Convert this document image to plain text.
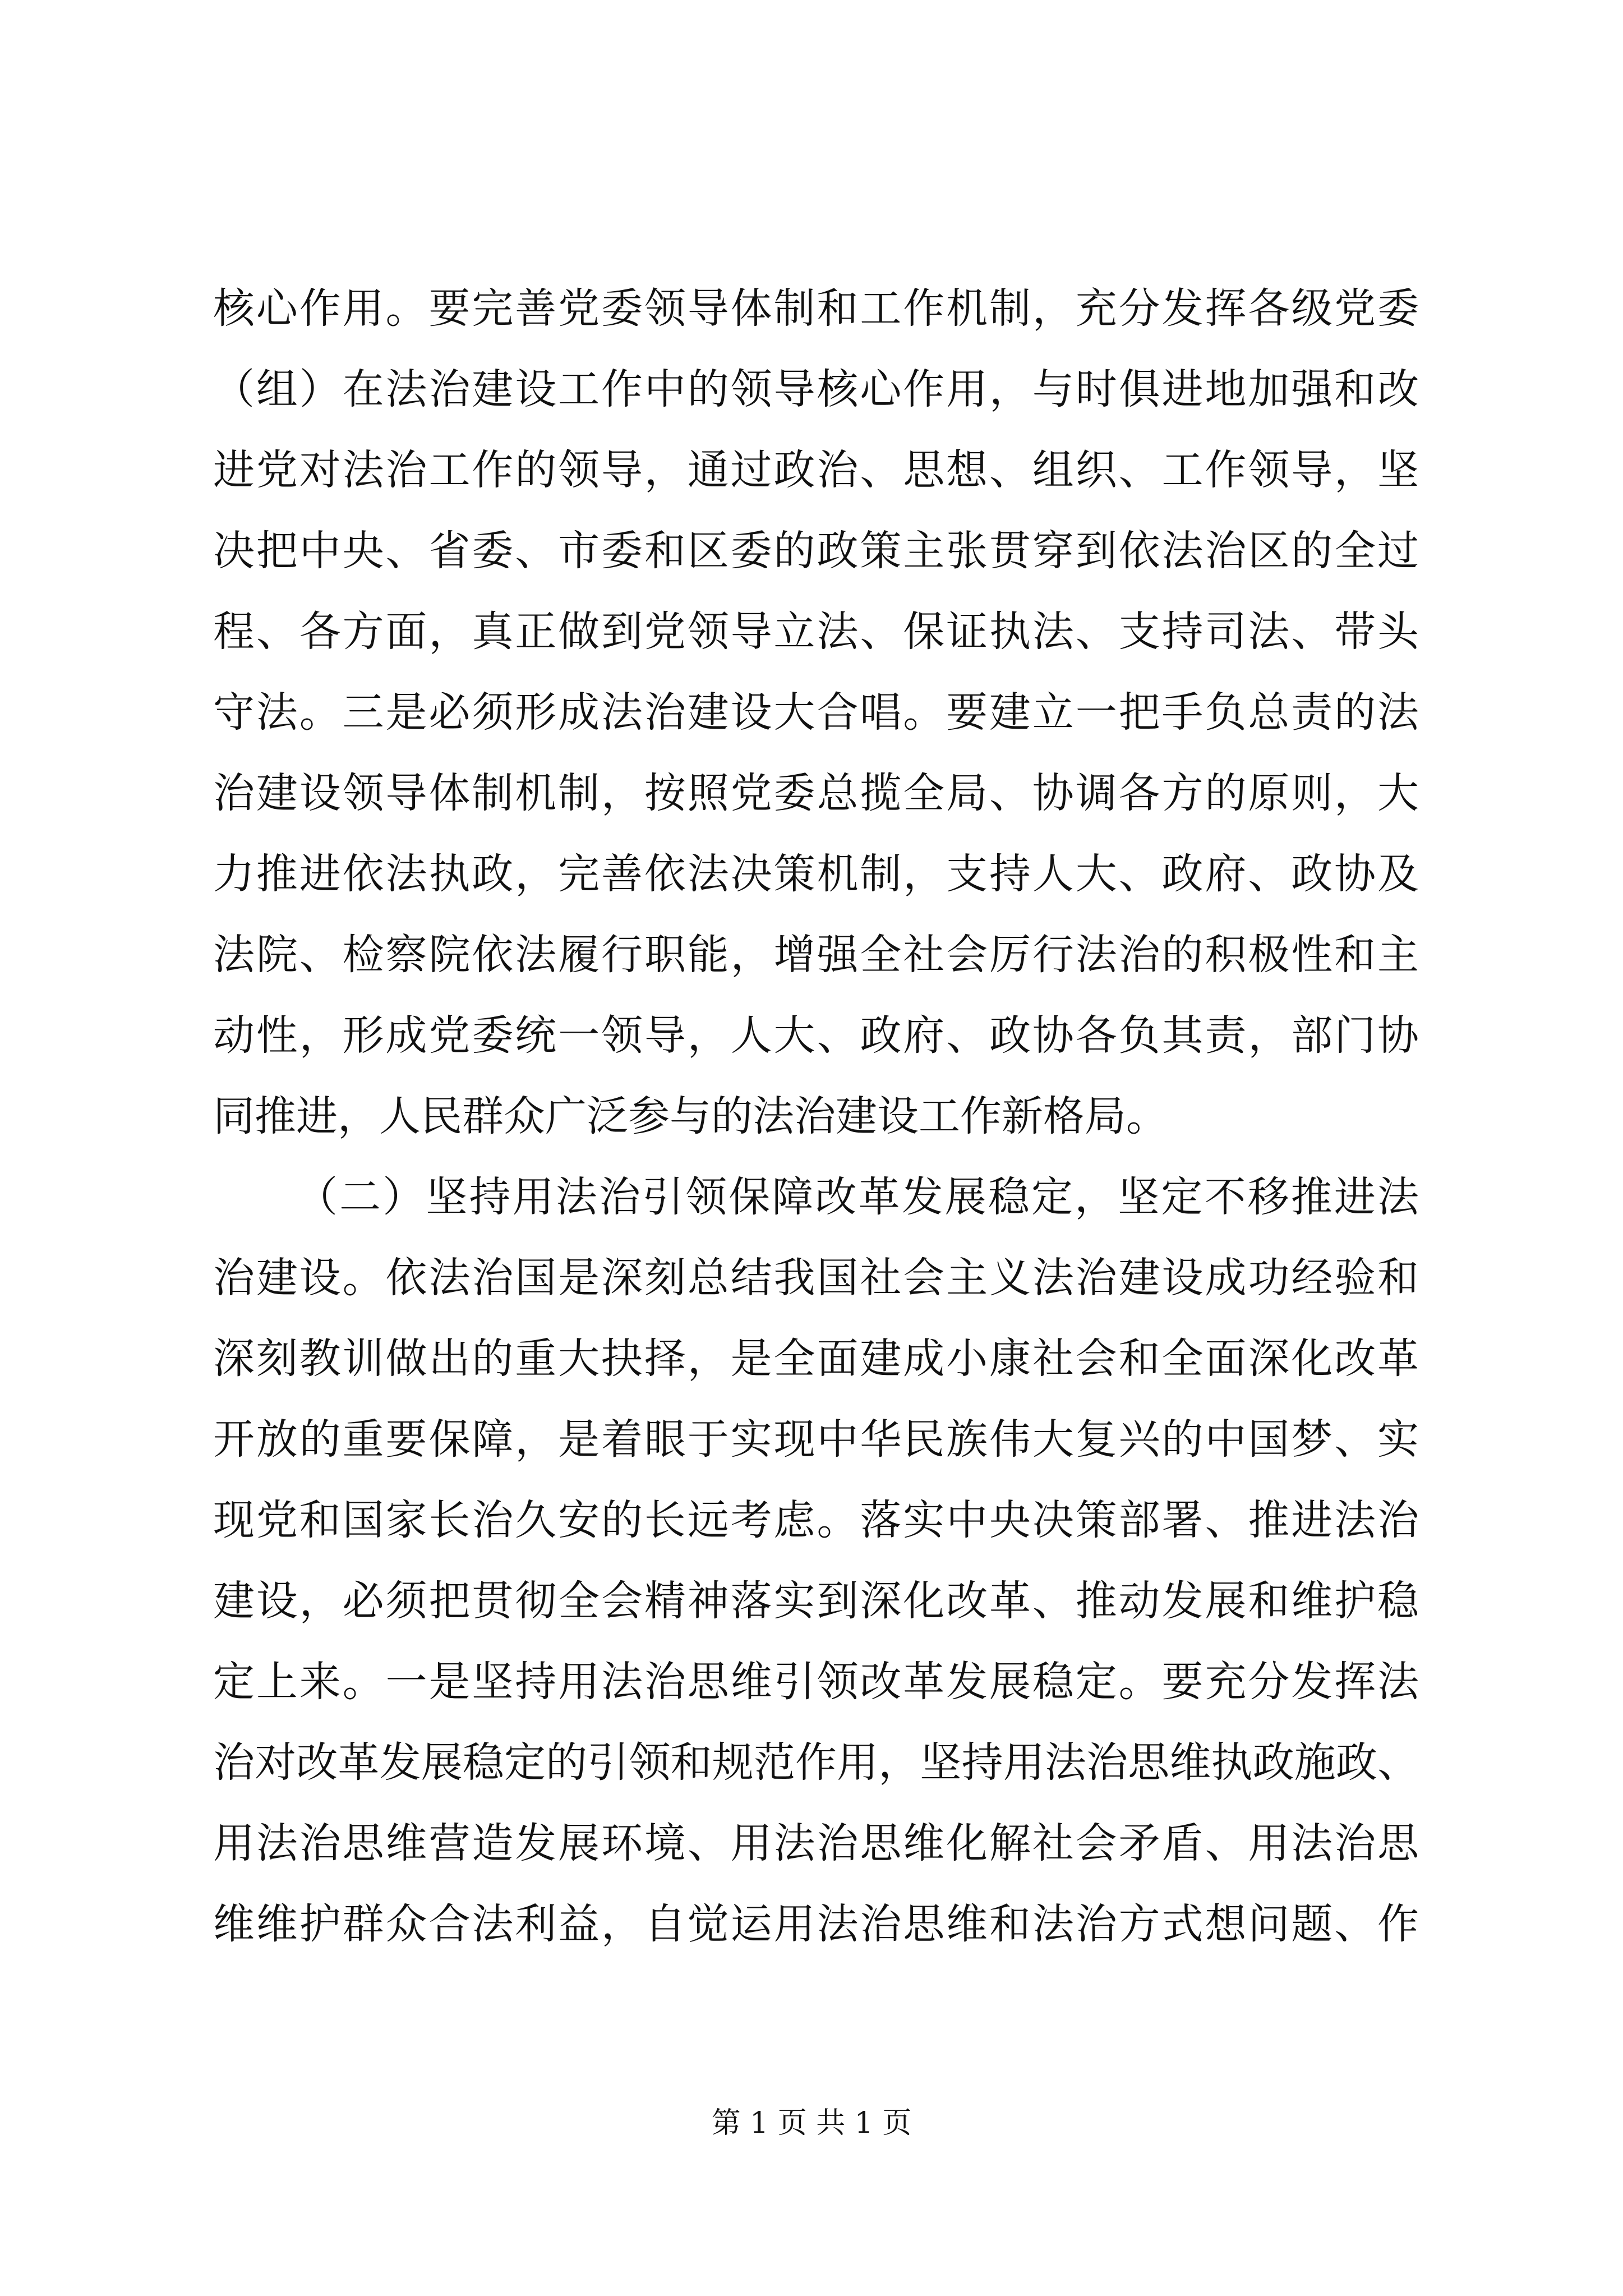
核心作用。要完善党委领导体制和工作机制，充分发挥各级党委
（组）在法治建设工作中的领导核心作用，与时俱进地加强和改
进党对法治工作的领导，通过政治、思想、组织、工作领导，坚
决把中央、省委、市委和区委的政策主张贯穿到依法治区的全过
程、各方面，真正做到党领导立法、保证执法、支持司法、带头
守法。三是必须形成法治建设大合唱。要建立一把手负总责的法
治建设领导体制机制，按照党委总揽全局、协调各方的原则，大
力推进依法执政，完善依法决策机制，支持人大、政府、政协及
法院、检察院依法履行职能，增强全社会厉行法治的积极性和主
动性，形成党委统一领导，人大、政府、政协各负其责，部门协
同推进，人民群众广泛参与的法治建设工作新格局。
（二）坚持用法治引领保障改革发展稳定，坚定不移推进法
治建设。依法治国是深刻总结我国社会主义法治建设成功经验和
深刻教训做出的重大抉择，是全面建成小康社会和全面深化改革
开放的重要保障，是着眼于实现中华民族伟大复兴的中国梦、实
现党和国家长治久安的长远考虑。落实中央决策部署、推进法治
建设，必须把贯彻全会精神落实到深化改革、推动发展和维护稳
定上来。一是坚持用法治思维引领改革发展稳定。要充分发挥法
治对改革发展稳定的引领和规范作用，坚持用法治思维执政施政、
用法治思维营造发展环境、用法治思维化解社会矛盾、用法治思
维维护群众合法利益，自觉运用法治思维和法治方式想问题、作
第 1 页 共 1 页
